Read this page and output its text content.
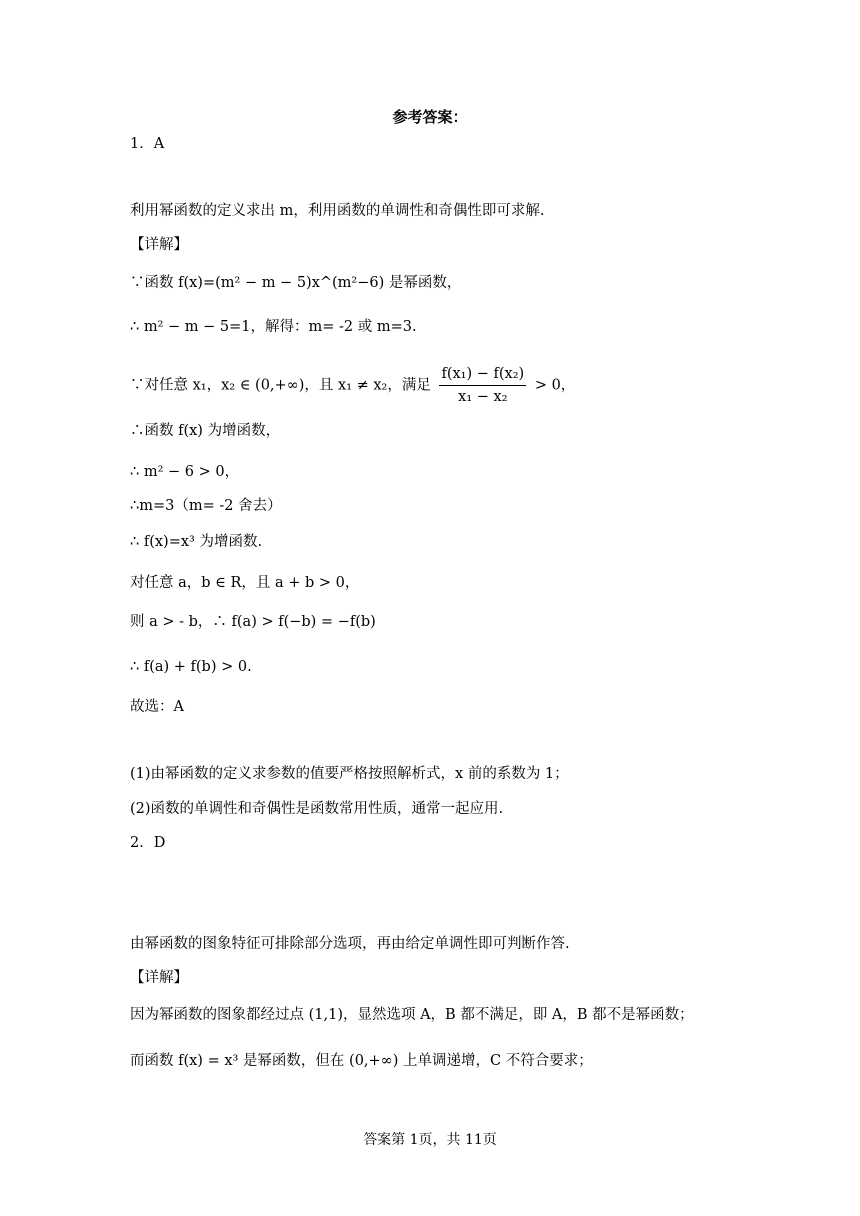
参考答案：
1．A
利用幂函数的定义求出 m，利用函数的单调性和奇偶性即可求解.
【详解】
∵函数 f(x)=(m² − m − 5)x^(m²−6) 是幂函数，
∴ m² − m − 5=1，解得：m= -2 或 m=3.
∵对任意 x₁，x₂ ∈ (0,+∞)，且 x₁ ≠ x₂，满足 $\frac{\text{f(x₁) − f(x₂)}}{\text{x₁ − x₂}} > 0$，
∴函数 f(x) 为增函数，
∴ m² − 6 > 0，
∴m=3（m= -2 舍去）
∴ f(x)=x³ 为增函数.
对任意 a，b ∈ R，且 a + b > 0，
则 a > - b，∴ f(a) > f(−b) = −f(b)
∴ f(a) + f(b) > 0.
故选：A
(1)由幂函数的定义求参数的值要严格按照解析式，x 前的系数为 1；
(2)函数的单调性和奇偶性是函数常用性质，通常一起应用.
2．D
由幂函数的图象特征可排除部分选项，再由给定单调性即可判断作答.
【详解】
因为幂函数的图象都经过点 (1,1)，显然选项 A，B 都不满足，即 A，B 都不是幂函数；
而函数 f(x) = x³ 是幂函数，但在 (0,+∞) 上单调递增，C 不符合要求；
答案第 1页，共 11页
